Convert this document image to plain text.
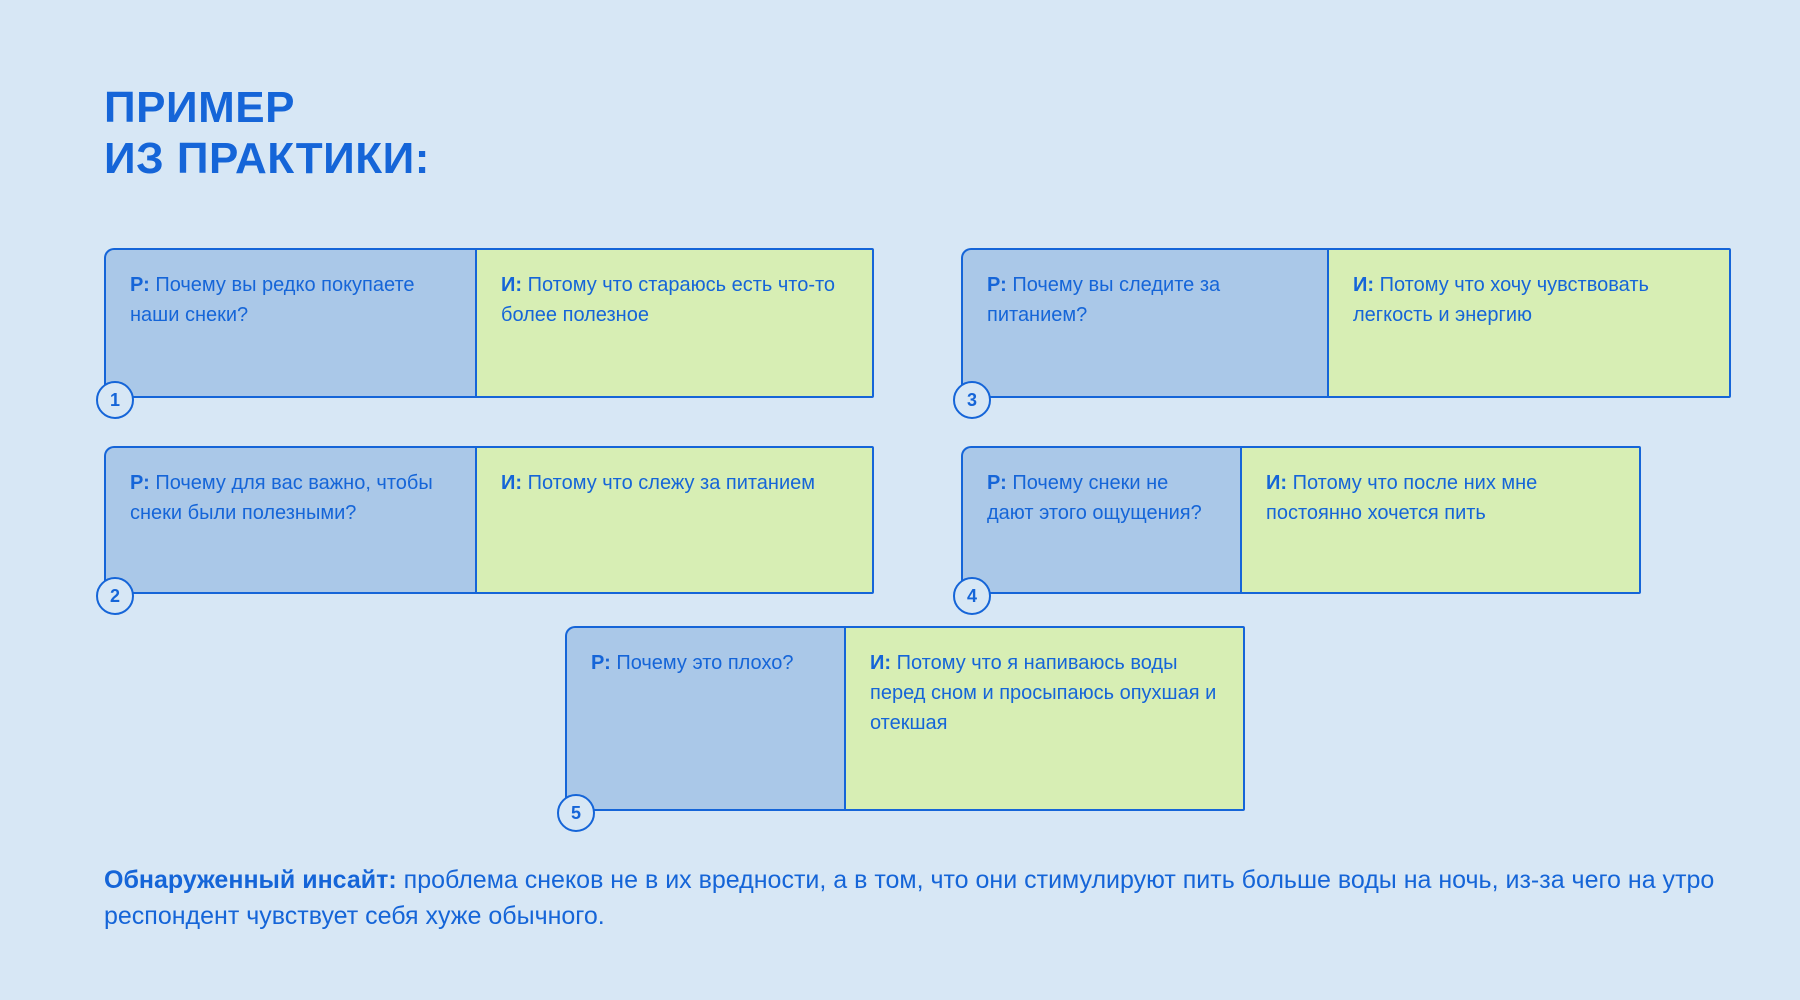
ПРИМЕР
ИЗ ПРАКТИКИ:
Р: Почему вы редко покупаете наши снеки?
И: Потому что стараюсь есть что-то более полезное
1
Р: Почему для вас важно, чтобы снеки были полезными?
И: Потому что слежу за питанием
2
Р: Почему вы следите за питанием?
И: Потому что хочу чувствовать легкость и энергию
3
Р: Почему снеки не дают этого ощущения?
И: Потому что после них мне постоянно хочется пить
4
Р: Почему это плохо?	И: Потому что я напиваюсь воды перед сном и просыпаюсь опухшая и отекшая
5
Обнаруженный инсайт: проблема снеков не в их вредности, а в том, что они стимулируют пить больше воды на ночь, из-за чего на утро респондент чувствует себя хуже обычного.
